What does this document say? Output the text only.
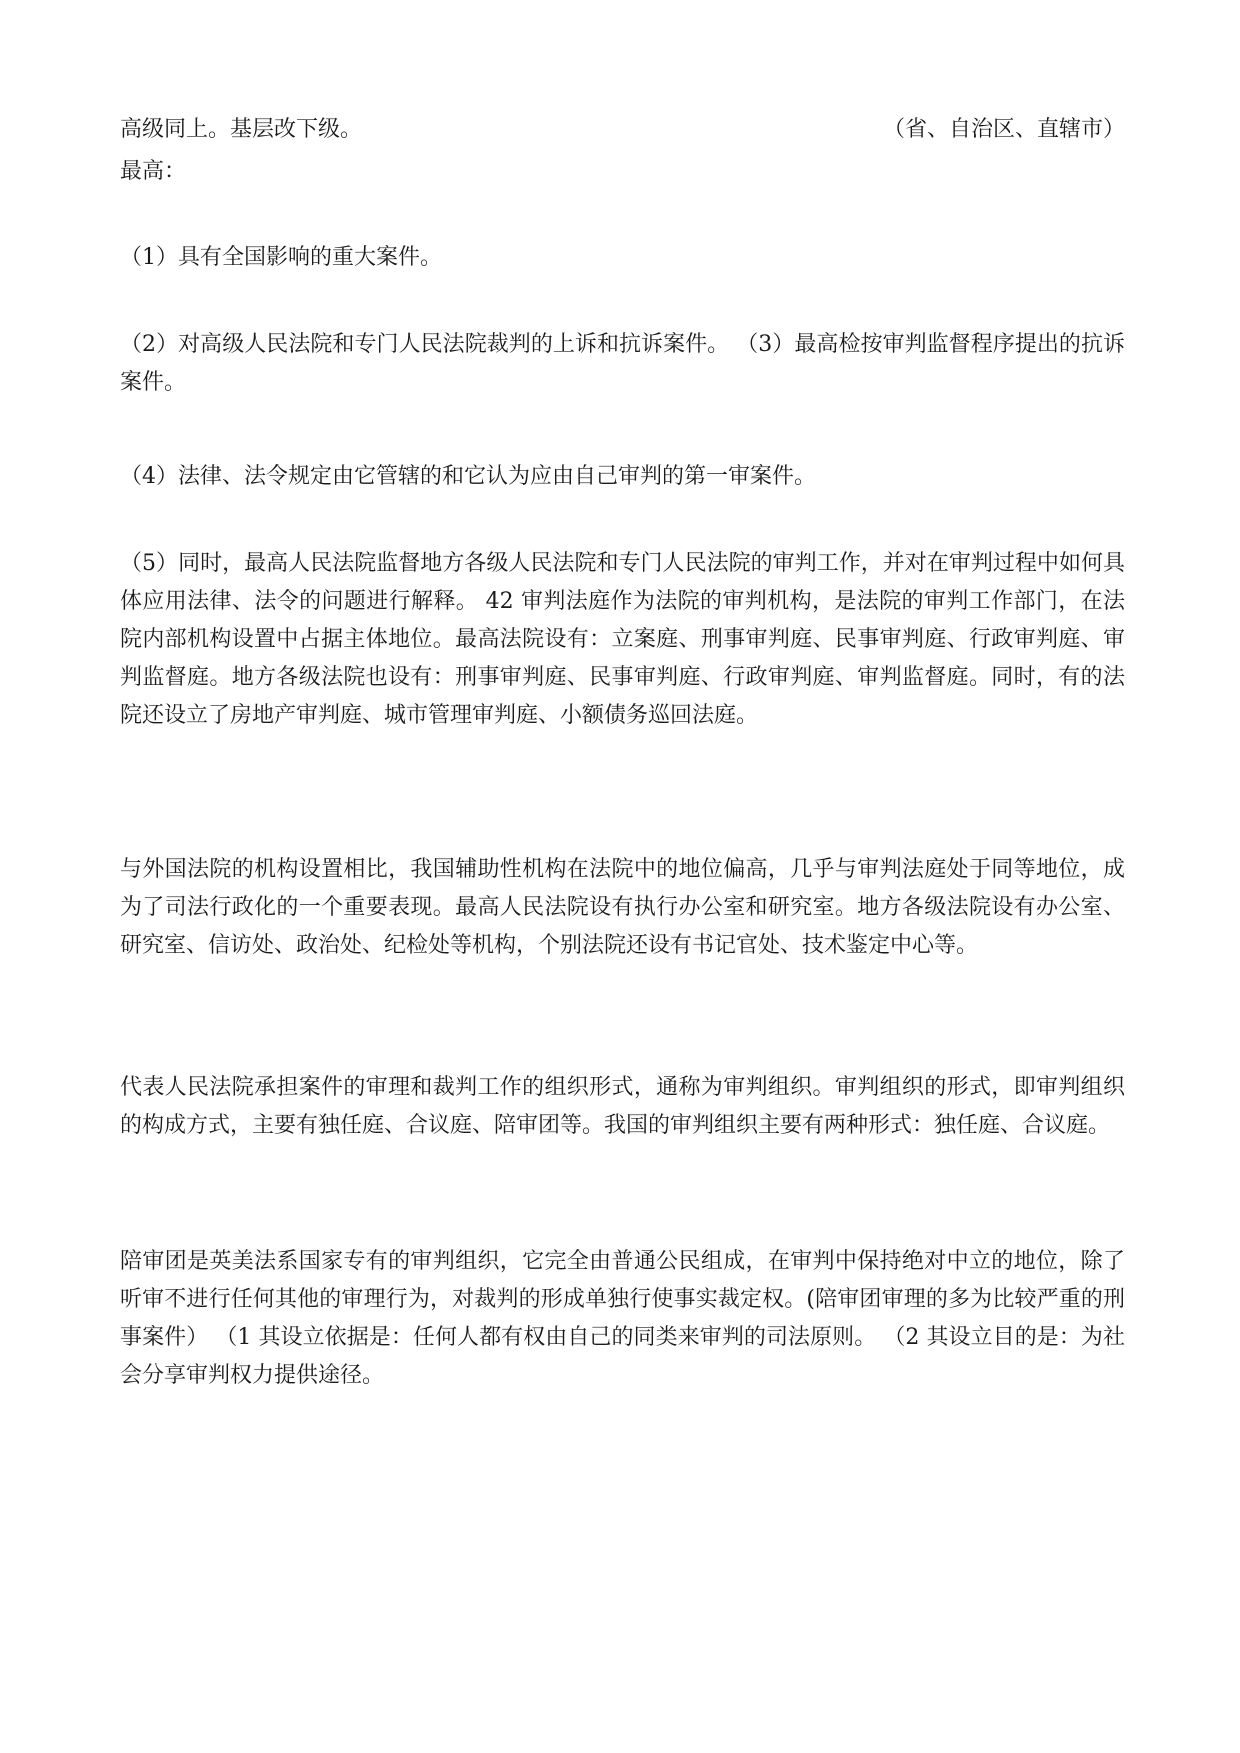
高级同上。基层改下级。	（省、自治区、直辖市）
最高：
（1）具有全国影响的重大案件。
（2）对高级人民法院和专门人民法院裁判的上诉和抗诉案件。 （3）最高检按审判监督程序提出的抗诉案件。
（4）法律、法令规定由它管辖的和它认为应由自己审判的第一审案件。
（5）同时，最高人民法院监督地方各级人民法院和专门人民法院的审判工作，并对在审判过程中如何具体应用法律、法令的问题进行解释。 42 审判法庭作为法院的审判机构，是法院的审判工作部门，在法院内部机构设置中占据主体地位。最高法院设有：立案庭、刑事审判庭、民事审判庭、行政审判庭、审判监督庭。地方各级法院也设有：刑事审判庭、民事审判庭、行政审判庭、审判监督庭。同时，有的法院还设立了房地产审判庭、城市管理审判庭、小额债务巡回法庭。
与外国法院的机构设置相比，我国辅助性机构在法院中的地位偏高，几乎与审判法庭处于同等地位，成为了司法行政化的一个重要表现。最高人民法院设有执行办公室和研究室。地方各级法院设有办公室、研究室、信访处、政治处、纪检处等机构，个别法院还设有书记官处、技术鉴定中心等。
代表人民法院承担案件的审理和裁判工作的组织形式，通称为审判组织。审判组织的形式，即审判组织的构成方式，主要有独任庭、合议庭、陪审团等。我国的审判组织主要有两种形式：独任庭、合议庭。
陪审团是英美法系国家专有的审判组织，它完全由普通公民组成，在审判中保持绝对中立的地位，除了听审不进行任何其他的审理行为，对裁判的形成单独行使事实裁定权。(陪审团审理的多为比较严重的刑事案件） （1 其设立依据是：任何人都有权由自己的同类来审判的司法原则。 （2 其设立目的是：为社会分享审判权力提供途径。
